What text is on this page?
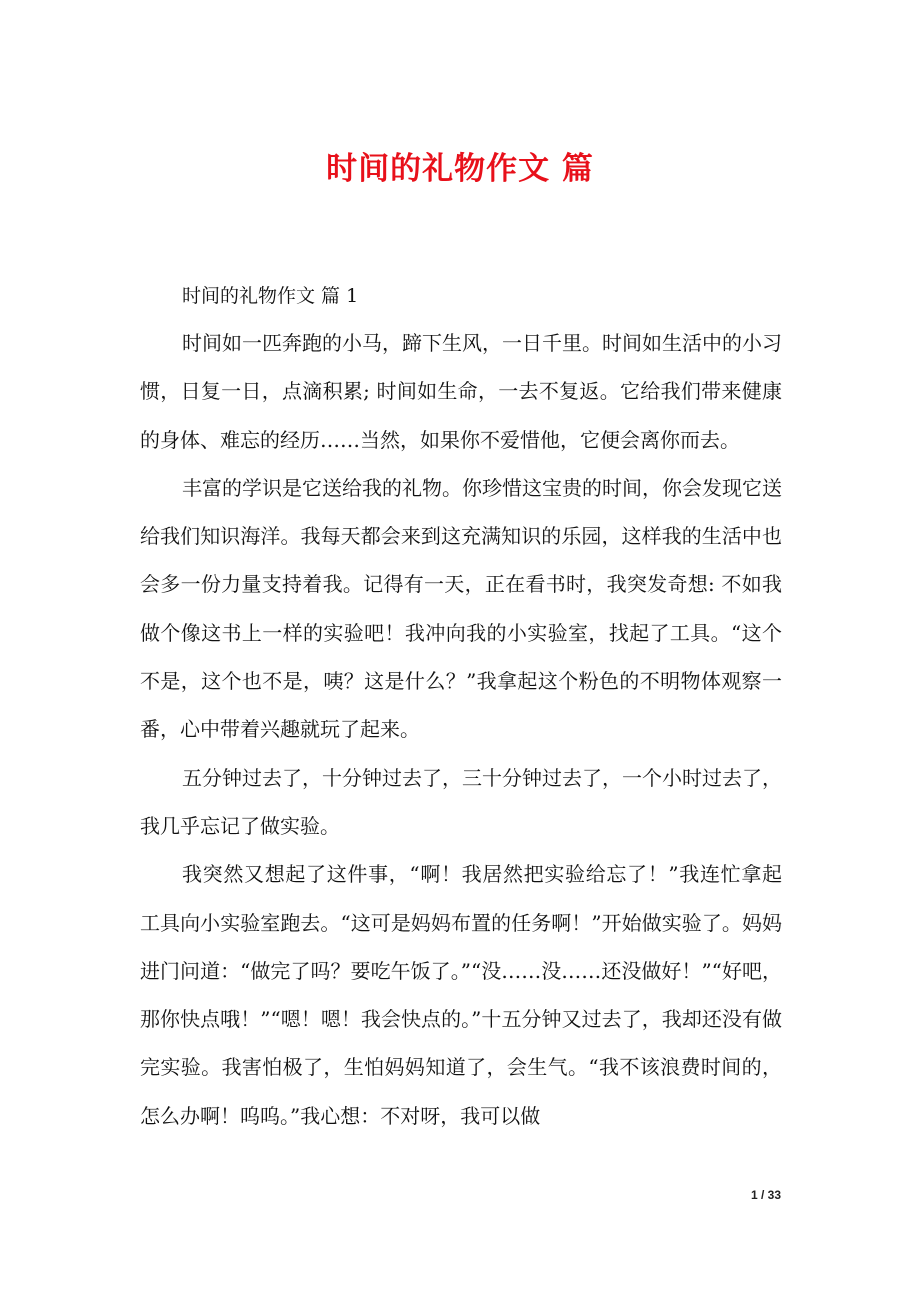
时间的礼物作文 篇
时间的礼物作文 篇 1

时间如一匹奔跑的小马，蹄下生风，一日千里。时间如生活中的小习惯，日复一日，点滴积累; 时间如生命，一去不复返。它给我们带来健康的身体、难忘的经历……当然，如果你不爱惜他，它便会离你而去。

丰富的学识是它送给我的礼物。你珍惜这宝贵的时间，你会发现它送给我们知识海洋。我每天都会来到这充满知识的乐园，这样我的生活中也会多一份力量支持着我。记得有一天，正在看书时，我突发奇想: 不如我做个像这书上一样的实验吧！我冲向我的小实验室，找起了工具。“这个不是，这个也不是，咦？这是什么？”我拿起这个粉色的不明物体观察一番，心中带着兴趣就玩了起来。

五分钟过去了，十分钟过去了，三十分钟过去了，一个小时过去了，我几乎忘记了做实验。

我突然又想起了这件事，“啊！我居然把实验给忘了！”我连忙拿起工具向小实验室跑去。“这可是妈妈布置的任务啊！”开始做实验了。妈妈进门问道：“做完了吗？要吃午饭了。”“没……没……还没做好！”“好吧，那你快点哦！”“嗯！嗯！我会快点的。”十五分钟又过去了，我却还没有做完实验。我害怕极了，生怕妈妈知道了，会生气。“我不该浪费时间的，怎么办啊！呜呜。”我心想：不对呀，我可以做

1 / 33
